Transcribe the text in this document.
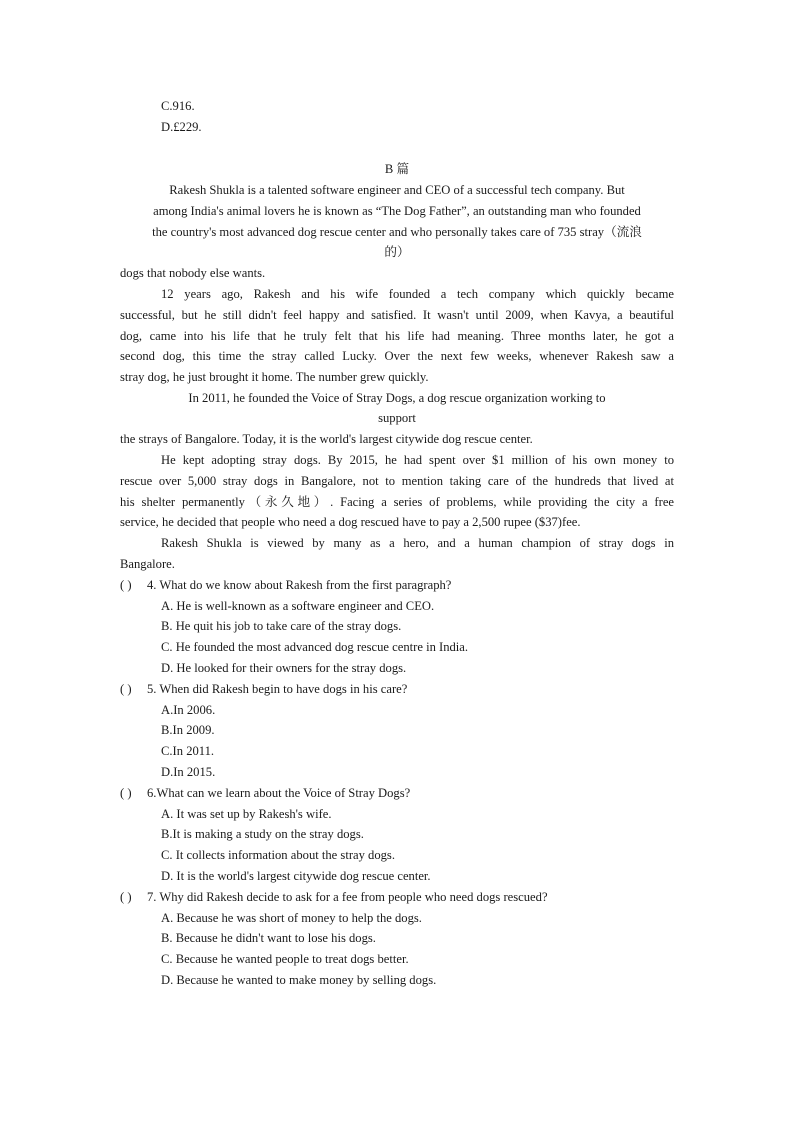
C.916.
D.£229.
B 篇
Rakesh Shukla is a talented software engineer and CEO of a successful tech company. But
among India's animal lovers he is known as “The Dog Father”, an outstanding man who founded
the country's most advanced dog rescue center and who personally takes care of 735 stray（流浪
的）
dogs that nobody else wants.
12 years ago, Rakesh and his wife founded a tech company which quickly became
successful, but he still didn't feel happy and satisfied. It wasn't until 2009, when Kavya, a beautiful
dog, came into his life that he truly felt that his life had meaning. Three months later, he got a
second dog, this time the stray called Lucky. Over the next few weeks, whenever Rakesh saw a
stray dog, he just brought it home. The number grew quickly.
In 2011, he founded the Voice of Stray Dogs, a dog rescue organization working to
support
the strays of Bangalore. Today, it is the world's largest citywide dog rescue center.
He kept adopting stray dogs. By 2015, he had spent over $1 million of his own money to
rescue over 5,000 stray dogs in Bangalore, not to mention taking care of the hundreds that lived at
his shelter permanently（永久地）. Facing a series of problems, while providing the city a free
service, he decided that people who need a dog rescued have to pay a 2,500 rupee ($37)fee.
Rakesh Shukla is viewed by many as a hero, and a human champion of stray dogs in
Bangalore.
( ) 4. What do we know about Rakesh from the first paragraph?
A. He is well-known as a software engineer and CEO.
B. He quit his job to take care of the stray dogs.
C. He founded the most advanced dog rescue centre in India.
D. He looked for their owners for the stray dogs.
( ) 5. When did Rakesh begin to have dogs in his care?
A.In 2006.
B.In 2009.
C.In 2011.
D.In 2015.
( ) 6.What can we learn about the Voice of Stray Dogs?
A. It was set up by Rakesh's wife.
B.It is making a study on the stray dogs.
C. It collects information about the stray dogs.
D. It is the world's largest citywide dog rescue center.
( ) 7. Why did Rakesh decide to ask for a fee from people who need dogs rescued?
A. Because he was short of money to help the dogs.
B. Because he didn't want to lose his dogs.
C. Because he wanted people to treat dogs better.
D. Because he wanted to make money by selling dogs.
